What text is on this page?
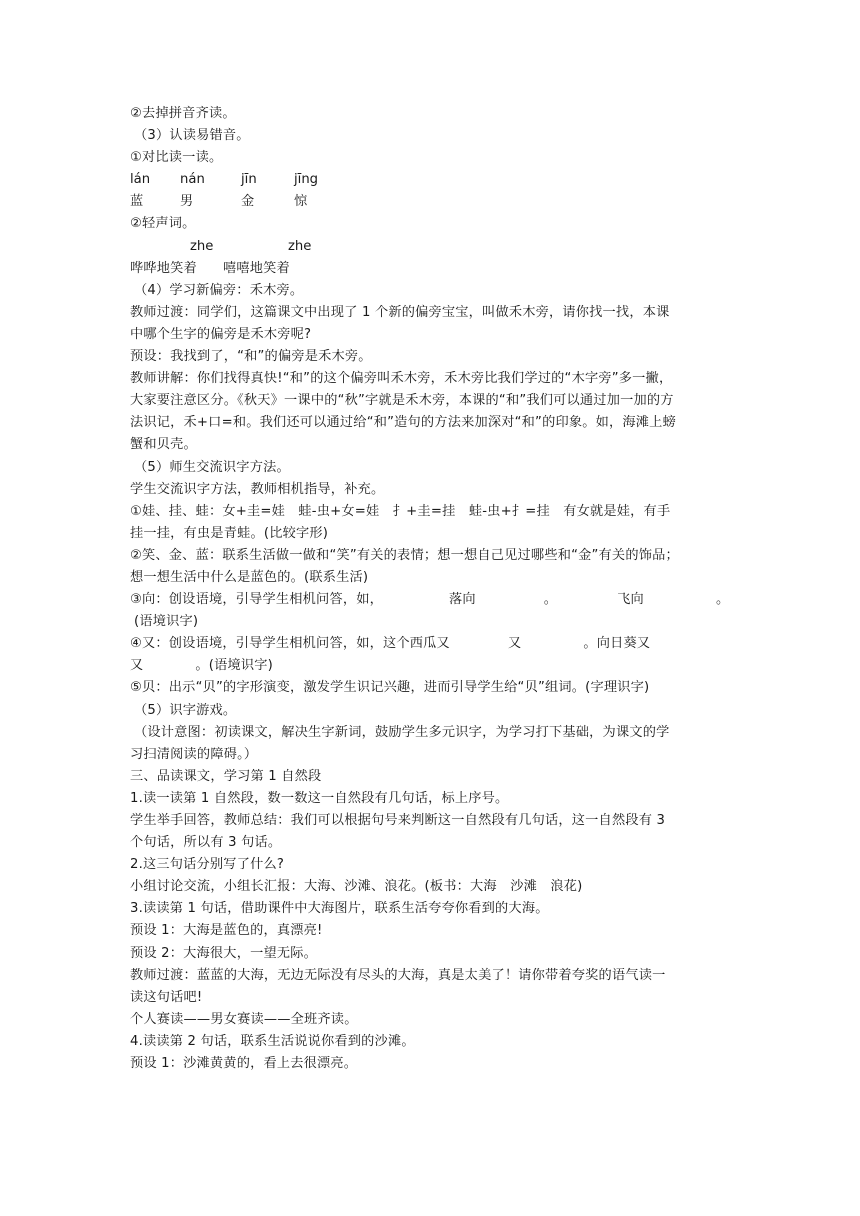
②去掉拼音齐读。
（3）认读易错音。
①对比读一读。
lán	nán	jīn	jīng
蓝	男	金	惊
②轻声词。
zhe	zhe
哗哗地笑着 嘻嘻地笑着
（4）学习新偏旁：禾木旁。
教师过渡：同学们，这篇课文中出现了 1 个新的偏旁宝宝，叫做禾木旁，请你找一找，本课
中哪个生字的偏旁是禾木旁呢?
预设：我找到了，“和”的偏旁是禾木旁。
教师讲解：你们找得真快!“和”的这个偏旁叫禾木旁，禾木旁比我们学过的“木字旁”多一撇，
大家要注意区分。《秋天》一课中的“秋”字就是禾木旁，本课的“和”我们可以通过加一加的方
法识记，禾+口=和。我们还可以通过给“和”造句的方法来加深对“和”的印象。如，海滩上螃
蟹和贝壳。
（5）师生交流识字方法。
学生交流识字方法，教师相机指导，补充。
①娃、挂、蛙：女+圭=娃　蛙-虫+女=娃　扌+圭=挂　蛙-虫+扌=挂　有女就是娃，有手
挂一挂，有虫是青蛙。(比较字形)
②笑、金、蓝：联系生活做一做和“笑”有关的表情；想一想自己见过哪些和“金”有关的饰品；
想一想生活中什么是蓝色的。(联系生活)
③向：创设语境，引导学生相机问答，如，	落向	。	飞向	。
(语境识字)
④又：创设语境，引导学生相机问答，如，这个西瓜又	又	。向日葵又
又	。(语境识字)
⑤贝：出示“贝”的字形演变，激发学生识记兴趣，进而引导学生给“贝”组词。(字理识字)
（5）识字游戏。
（设计意图：初读课文，解决生字新词，鼓励学生多元识字，为学习打下基础，为课文的学
习扫清阅读的障碍。）
三、品读课文，学习第 1 自然段
1.读一读第 1 自然段，数一数这一自然段有几句话，标上序号。
学生举手回答，教师总结：我们可以根据句号来判断这一自然段有几句话，这一自然段有 3
个句话，所以有 3 句话。
2.这三句话分别写了什么?
小组讨论交流，小组长汇报：大海、沙滩、浪花。(板书：大海　沙滩　浪花)
3.读读第 1 句话，借助课件中大海图片，联系生活夸夸你看到的大海。
预设 1：大海是蓝色的，真漂亮!
预设 2：大海很大，一望无际。
教师过渡：蓝蓝的大海，无边无际没有尽头的大海，真是太美了！请你带着夸奖的语气读一
读这句话吧!
个人赛读——男女赛读——全班齐读。
4.读读第 2 句话，联系生活说说你看到的沙滩。
预设 1：沙滩黄黄的，看上去很漂亮。
